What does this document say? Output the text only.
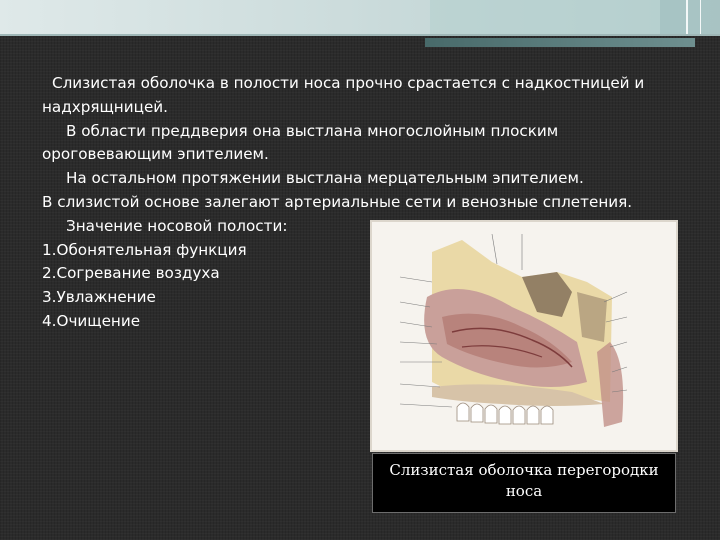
Слизистая оболочка в полости носа прочно срастается с надкостницей и надхрящницей.

В области преддверия она выстлана многослойным плоским ороговевающим эпителием.

На остальном протяжении выстлана мерцательным эпителием.

В слизистой основе залегают артериальные сети и венозные сплетения.

Значение носовой полости:

1.Обонятельная функция

2.Согревание воздуха

3.Увлажнение

4.Очищение

Слизистая оболочка перегородки носа
